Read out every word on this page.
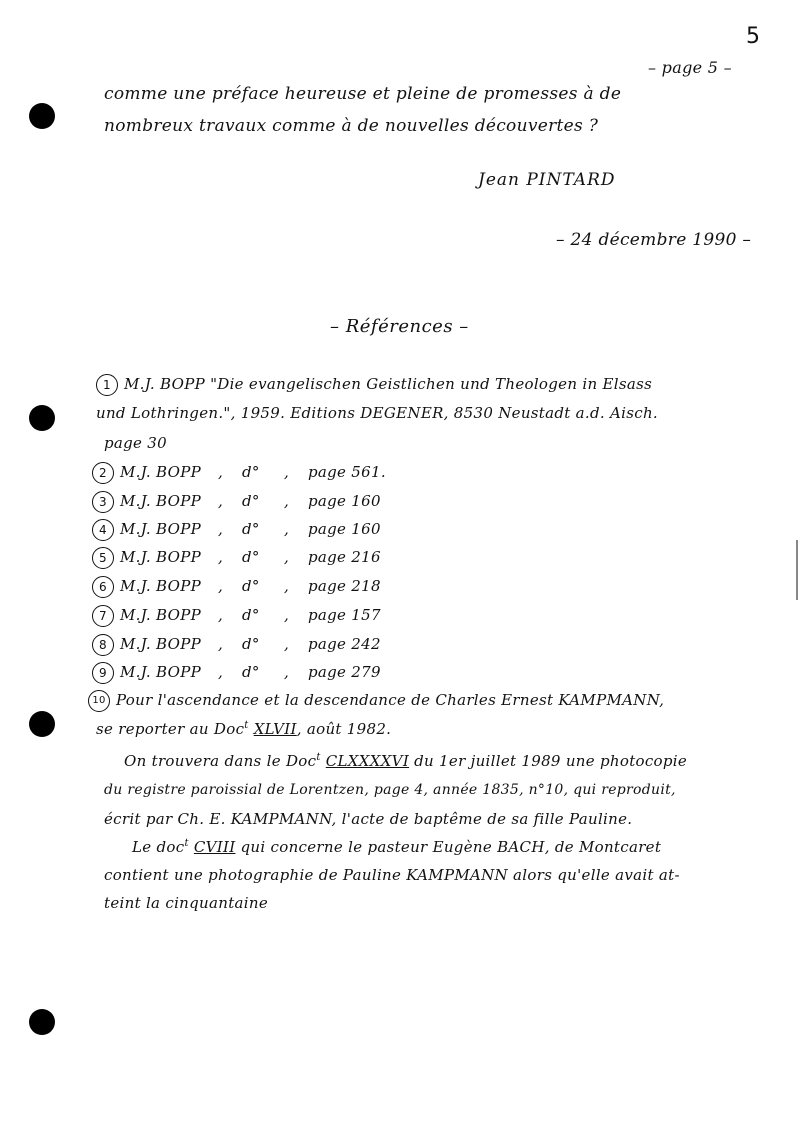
5
– page 5 –
comme une préface heureuse et pleine de promesses à de
nombreux travaux comme à de nouvelles découvertes ?
Jean PINTARD
– 24 décembre 1990 –
– Références –
1 M.J. BOPP "Die evangelischen Geistlichen und Theologen in Elsass
und Lothringen.", 1959. Editions DEGENER, 8530 Neustadt a.d. Aisch.
page 30
2 M.J. BOPP , d° , page 561.
3 M.J. BOPP , d° , page 160
4 M.J. BOPP , d° , page 160
5 M.J. BOPP , d° , page 216
6 M.J. BOPP , d° , page 218
7 M.J. BOPP , d° , page 157
8 M.J. BOPP , d° , page 242
9 M.J. BOPP , d° , page 279
10 Pour l'ascendance et la descendance de Charles Ernest KAMPMANN,
se reporter au Doc$^t$ XLVII, août 1982.
On trouvera dans le Doc$^t$ CLXXXXVI du 1er juillet 1989 une photocopie
du registre paroissial de Lorentzen, page 4, année 1835, n°10, qui reproduit,
écrit par Ch. E. KAMPMANN, l'acte de baptême de sa fille Pauline.
Le doc$^t$ CVIII qui concerne le pasteur Eugène BACH, de Montcaret
contient une photographie de Pauline KAMPMANN alors qu'elle avait at-
teint la cinquantaine
